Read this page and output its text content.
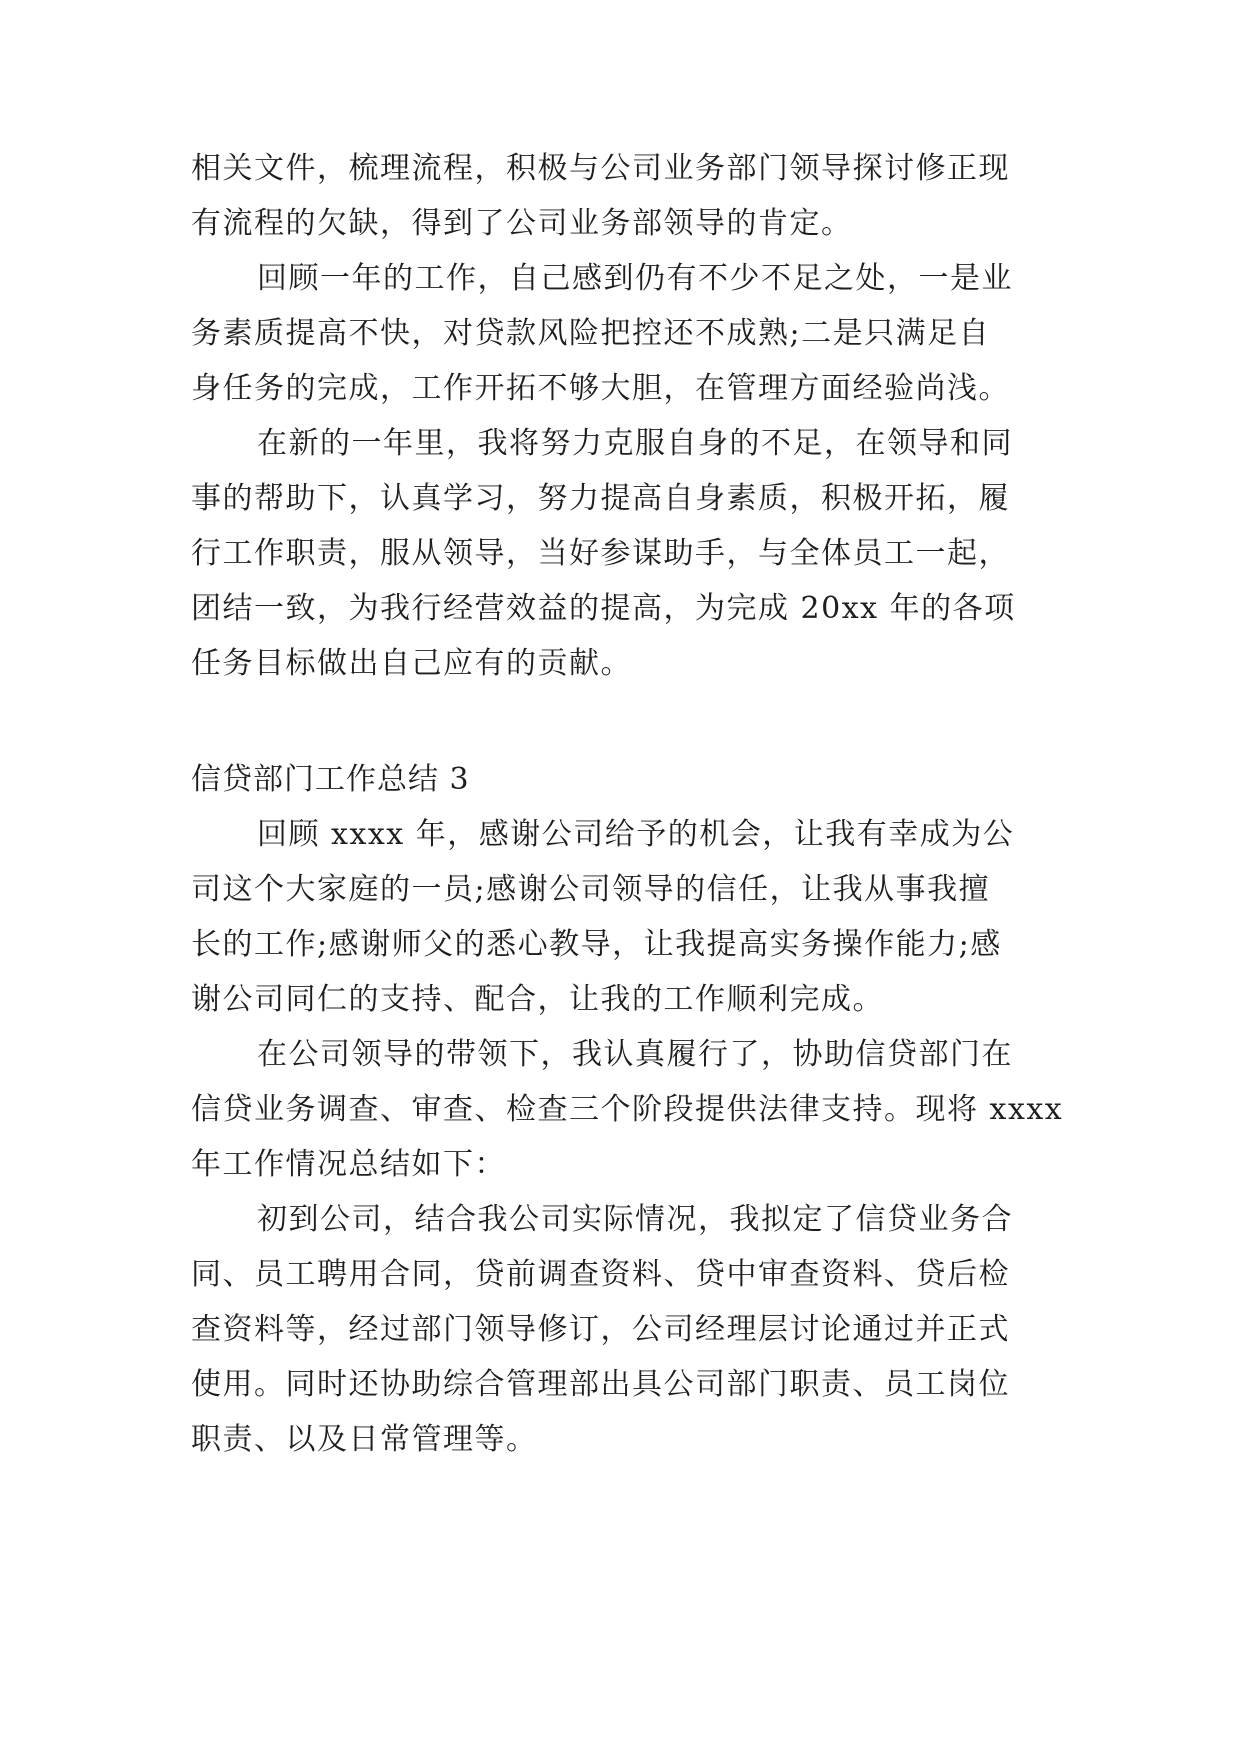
相关文件，梳理流程，积极与公司业务部门领导探讨修正现
有流程的欠缺，得到了公司业务部领导的肯定。
回顾一年的工作，自己感到仍有不少不足之处，一是业
务素质提高不快，对贷款风险把控还不成熟;二是只满足自
身任务的完成，工作开拓不够大胆，在管理方面经验尚浅。
在新的一年里，我将努力克服自身的不足，在领导和同
事的帮助下，认真学习，努力提高自身素质，积极开拓，履
行工作职责，服从领导，当好参谋助手，与全体员工一起，
团结一致，为我行经营效益的提高，为完成 20xx 年的各项
任务目标做出自己应有的贡献。
信贷部门工作总结 3
回顾 xxxx 年，感谢公司给予的机会，让我有幸成为公
司这个大家庭的一员;感谢公司领导的信任，让我从事我擅
长的工作;感谢师父的悉心教导，让我提高实务操作能力;感
谢公司同仁的支持、配合，让我的工作顺利完成。
在公司领导的带领下，我认真履行了，协助信贷部门在
信贷业务调查、审查、检查三个阶段提供法律支持。现将 xxxx
年工作情况总结如下：
初到公司，结合我公司实际情况，我拟定了信贷业务合
同、员工聘用合同，贷前调查资料、贷中审查资料、贷后检
查资料等，经过部门领导修订，公司经理层讨论通过并正式
使用。同时还协助综合管理部出具公司部门职责、员工岗位
职责、以及日常管理等。
